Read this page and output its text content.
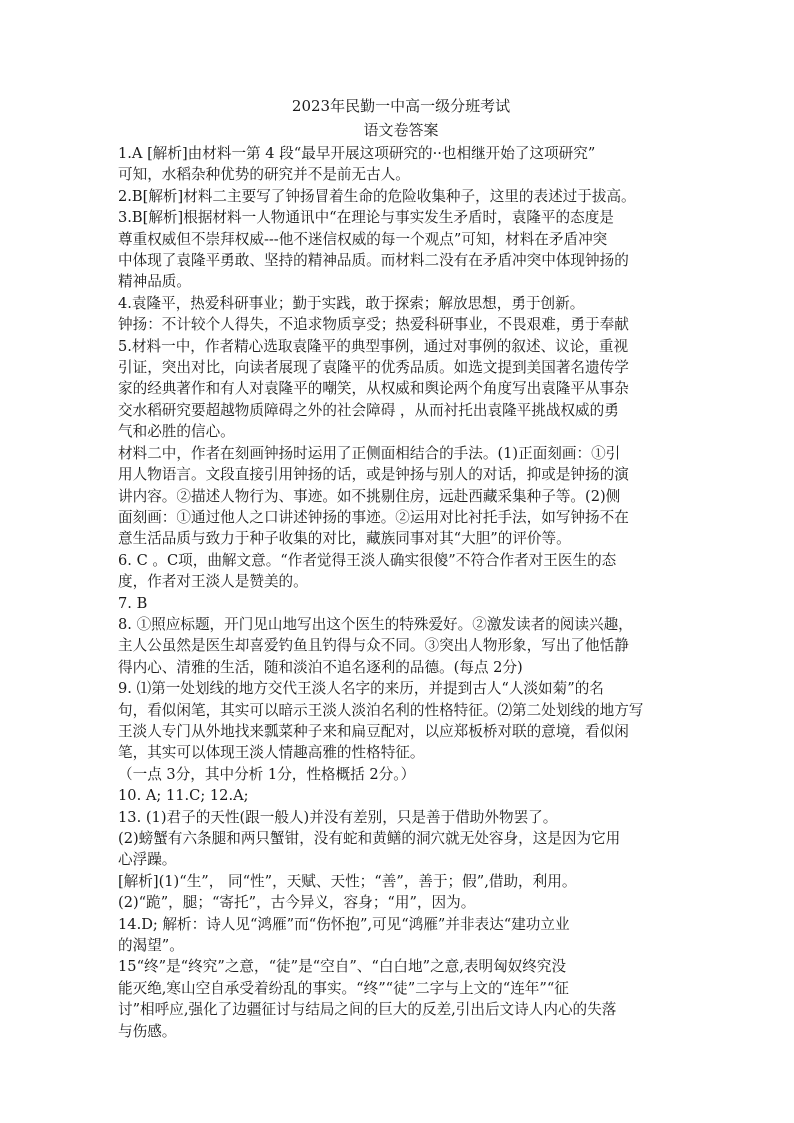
2023年民勤一中高一级分班考试
语文卷答案

1.A [解析]由材料一第 4 段“最早开展这项研究的··也相继开始了这项研究”

可知，水稻杂种优势的研究并不是前无古人。

2.B[解析]材料二主要写了钟扬冒着生命的危险收集种子，这里的表述过于拔高。

3.B[解析]根据材料一人物通讯中“在理论与事实发生矛盾时，袁隆平的态度是

尊重权威但不崇拜权威---他不迷信权威的每一个观点”可知，材料在矛盾冲突

中体现了袁隆平勇敢、坚持的精神品质。而材料二没有在矛盾冲突中体现钟扬的

精神品质。

4.袁隆平，热爱科研事业；勤于实践，敢于探索；解放思想，勇于创新。

钟扬：不计较个人得失，不追求物质享受；热爱科研事业，不畏艰难，勇于奉献

5.材料一中，作者精心选取袁隆平的典型事例，通过对事例的叙述、议论，重视

引证，突出对比，向读者展现了袁隆平的优秀品质。如选文提到美国著名遗传学

家的经典著作和有人对袁隆平的嘲笑，从权威和舆论两个角度写出袁隆平从事杂

交水稻研究要超越物质障碍之外的社会障碍 ，从而衬托出袁隆平挑战权威的勇

气和必胜的信心。

材料二中，作者在刻画钟扬时运用了正侧面相结合的手法。(1)正面刻画：①引

用人物语言。文段直接引用钟扬的话，或是钟扬与别人的对话，抑或是钟扬的演

讲内容。②描述人物行为、事迹。如不挑剔住房，远赴西藏采集种子等。(2)侧

面刻画：①通过他人之口讲述钟扬的事迹。②运用对比衬托手法，如写钟扬不在

意生活品质与致力于种子收集的对比，藏族同事对其“大胆”的评价等。

6. C 。C项，曲解文意。“作者觉得王淡人确实很傻”不符合作者对王医生的态

度，作者对王淡人是赞美的。

7. B

8. ①照应标题，开门见山地写出这个医生的特殊爱好。②激发读者的阅读兴趣，

主人公虽然是医生却喜爱钓鱼且钓得与众不同。③突出人物形象，写出了他恬静

得内心、清雅的生活，随和淡泊不追名逐利的品德。(每点 2分)

9. ⑴第一处划线的地方交代王淡人名字的来历，并提到古人“人淡如菊”的名

句，看似闲笔，其实可以暗示王淡人淡泊名利的性格特征。⑵第二处划线的地方写

王淡人专门从外地找来瓢菜种子来和扁豆配对，以应郑板桥对联的意境，看似闲

笔，其实可以体现王淡人情趣高雅的性格特征。

（一点 3分，其中分析 1分，性格概括 2分。）

10. A; 11.C; 12.A;

13. (1)君子的天性(跟一般人)并没有差别，只是善于借助外物罢了。

(2)螃蟹有六条腿和两只蟹钳，没有蛇和黄鳝的洞穴就无处容身，这是因为它用

心浮躁。

[解析](1)“生”， 同“性”，天赋、天性；“善”，善于；假”,借助，利用。

(2)“跪”，腿；“寄托”，古今异义，容身；“用”，因为。

14.D; 解析：诗人见“鸿雁”而“伤怀抱”,可见“鸿雁”并非表达“建功立业

的渴望”。

15“终”是“终究”之意，“徒”是“空自”、“白白地”之意,表明匈奴终究没

能灭绝,寒山空自承受着纷乱的事实。“终”“徒”二字与上文的“连年”“征

讨”相呼应,强化了边疆征讨与结局之间的巨大的反差,引出后文诗人内心的失落

与伤感。
